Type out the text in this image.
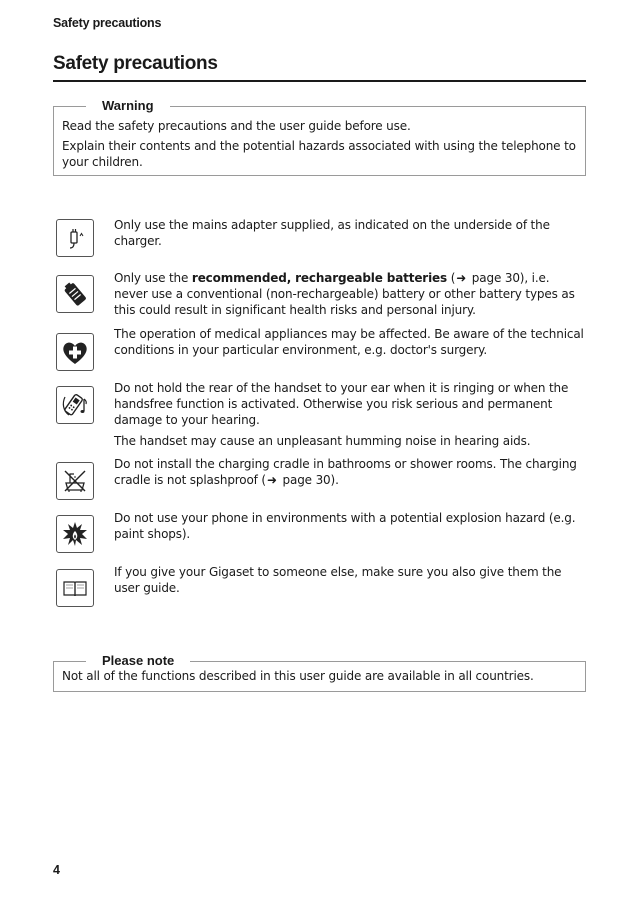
Safety precautions
Safety precautions
Warning

Read the safety precautions and the user guide before use.

Explain their contents and the potential hazards associated with using the telephone to your children.

Only use the mains adapter supplied, as indicated on the underside of the charger.
Only use the recommended, rechargeable batteries (➜ page 30), i.e. never use a conventional (non-rechargeable) battery or other battery types as this could result in significant health risks and personal injury.
The operation of medical appliances may be affected. Be aware of the technical conditions in your particular environment, e.g. doctor's surgery.
Do not hold the rear of the handset to your ear when it is ringing or when the handsfree function is activated. Otherwise you risk serious and permanent damage to your hearing.
The handset may cause an unpleasant humming noise in hearing aids.
Do not install the charging cradle in bathrooms or shower rooms. The charging cradle is not splashproof (➜ page 30).
Do not use your phone in environments with a potential explosion hazard (e.g. paint shops).
If you give your Gigaset to someone else, make sure you also give them the user guide.
Please note

Not all of the functions described in this user guide are available in all countries.

4
